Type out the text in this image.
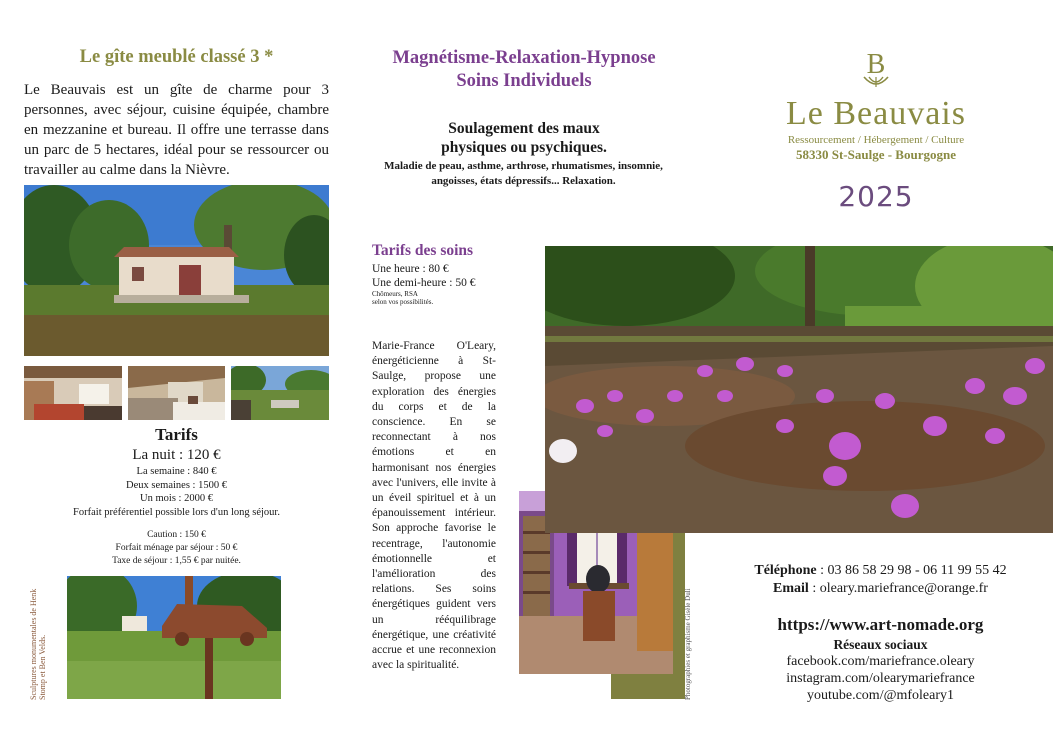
Le gîte meublé classé 3 *
Le Beauvais est un gîte de charme pour 3 personnes, avec séjour, cuisine équipée, chambre en mezzanine et bureau. Il offre une terrasse dans un parc de 5 hectares, idéal pour se ressourcer ou travailler au calme dans la Nièvre.
Tarifs
La nuit : 120 €
La semaine : 840 €
Deux semaines : 1500 €
Un mois : 2000 €
Forfait préférentiel possible lors d'un long séjour.
Caution : 150 €
Forfait ménage par séjour : 50 €
Taxe de séjour : 1,55 € par nuitée.
Sculptures monumentales de Henk Stomp et Ben Velds.
Magnétisme-Relaxation-Hypnose
Soins Individuels
Soulagement des maux
physiques ou psychiques.
Maladie de peau, asthme, arthrose, rhumatismes, insomnie, angoisses, états dépressifs... Relaxation.
Tarifs des soins
Une heure : 80 €
Une demi-heure : 50 €
Chômeurs, RSA
selon vos possibilités.
Marie-France O'Leary, énergéticienne à St-Saulge, propose une exploration des énergies du corps et de la conscience. En se reconnectant à nos émotions et en harmonisant nos énergies avec l'univers, elle invite à un éveil spirituel et à un épanouissement intérieur. Son approche favorise le recentrage, l'autonomie émotionnelle et l'amélioration des relations. Ses soins énergétiques guident vers un rééquilibrage énergétique, une créativité accrue et une reconnexion avec la spiritualité.	Photographies et graphisme Gisèle Duli
B
Le Beauvais
Ressourcement / Hébergement / Culture
58330 St-Saulge - Bourgogne
2025
Téléphone : 03 86 58 29 98 - 06 11 99 55 42
Email : oleary.mariefrance@orange.fr
https://www.art-nomade.org
Réseaux sociaux
facebook.com/mariefrance.oleary
instagram.com/olearymariefrance
youtube.com/@mfoleary1
